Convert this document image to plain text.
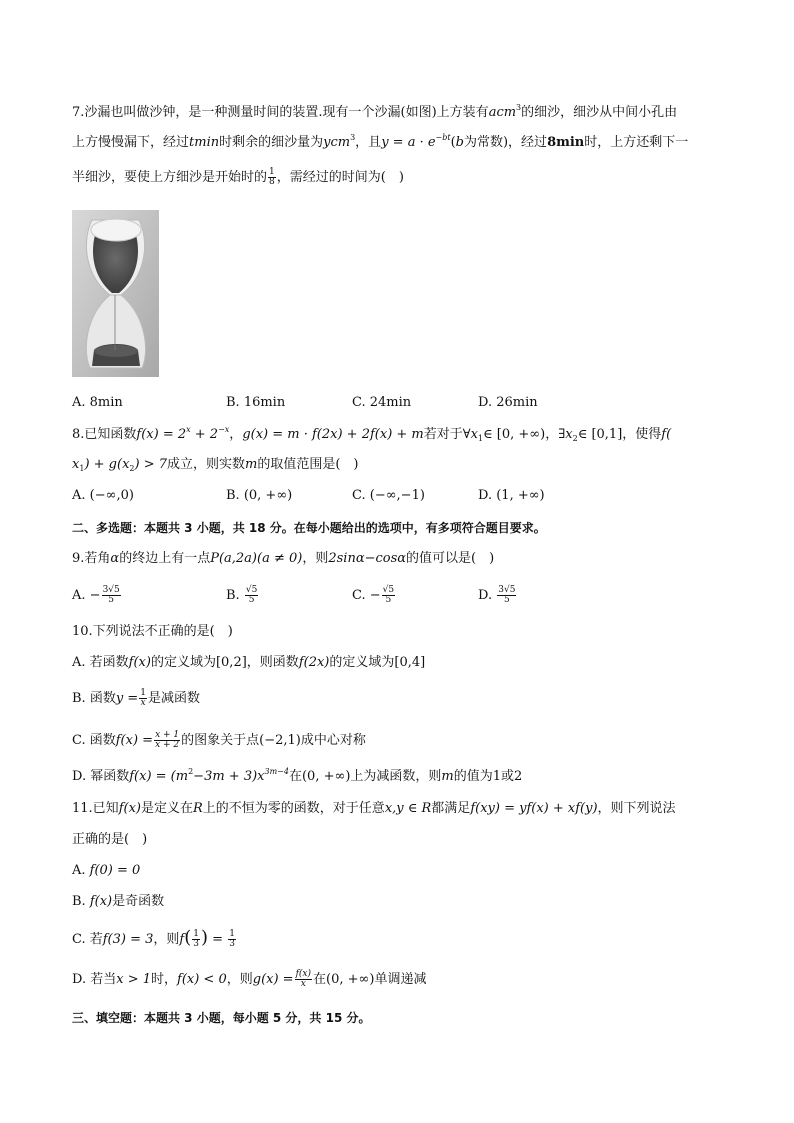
7.沙漏也叫做沙钟，是一种测量时间的装置.现有一个沙漏(如图)上方装有acm$^3$的细沙，细沙从中间小孔由
上方慢慢漏下，经过tmin时剩余的细沙量为ycm$^3$，且$y = a \cdot e^{-bt}(b$为常数)，经过8min时，上方还剩下一
半细沙，要使上方细沙是开始时的 $\frac{1}{8}$ ，需经过的时间为(　)
A. 8min	B. 16min	C. 24min	D. 26min
8.已知函数$f(x) = 2^x + 2^{-x}$，g(x) = m · f(2x) + 2f(x) + m若对于$\forall x_1\in$ [0, +∞)，$\exists x_2\in$ [0,1]，使得f(
$x_1) + g(x_2) > 7$成立，则实数m的取值范围是(　)
A. (−∞,0)	B. (0, +∞)	C. (−∞,−1)	D. (1, +∞)
二、多选题：本题共 3 小题，共 18 分。在每小题给出的选项中，有多项符合题目要求。
9.若角α的终边上有一点P(a,2a)(a ≠ 0)，则2sinα−cosα的值可以是(　)
A. − $\frac{3√5}{5}$	B. $\frac{√5}{5}$	C. − $\frac{√5}{5}$	D. $\frac{3√5}{5}$
10.下列说法不正确的是(　)
A. 若函数f(x)的定义域为[0,2]，则函数f(2x)的定义域为[0,4]
B. 函数$y = \frac{1}{x}$ 是减函数
C. 函数$f(x) = \frac{x + 1}{x + 2}$ 的图象关于点(−2,1)成中心对称
D. 幂函数$f(x) = (m^2-3m + 3)x^{3m-4}$在(0, +∞)上为减函数，则m的值为1或2
11.已知f(x)是定义在R上的不恒为零的函数，对于任意x,y ∈ R都满足f(xy) = yf(x) + xf(y)，则下列说法
正确的是(　)
A. f(0) = 0
B. f(x)是奇函数
C. 若f(3) = 3，则$f( \frac{1}{3}$ ) = $\frac{1}{3}$
D. 若当x > 1时，f(x) < 0，则$g(x) = \frac{f(x)}{x}$ 在(0, +∞)单调递减
三、填空题：本题共 3 小题，每小题 5 分，共 15 分。
